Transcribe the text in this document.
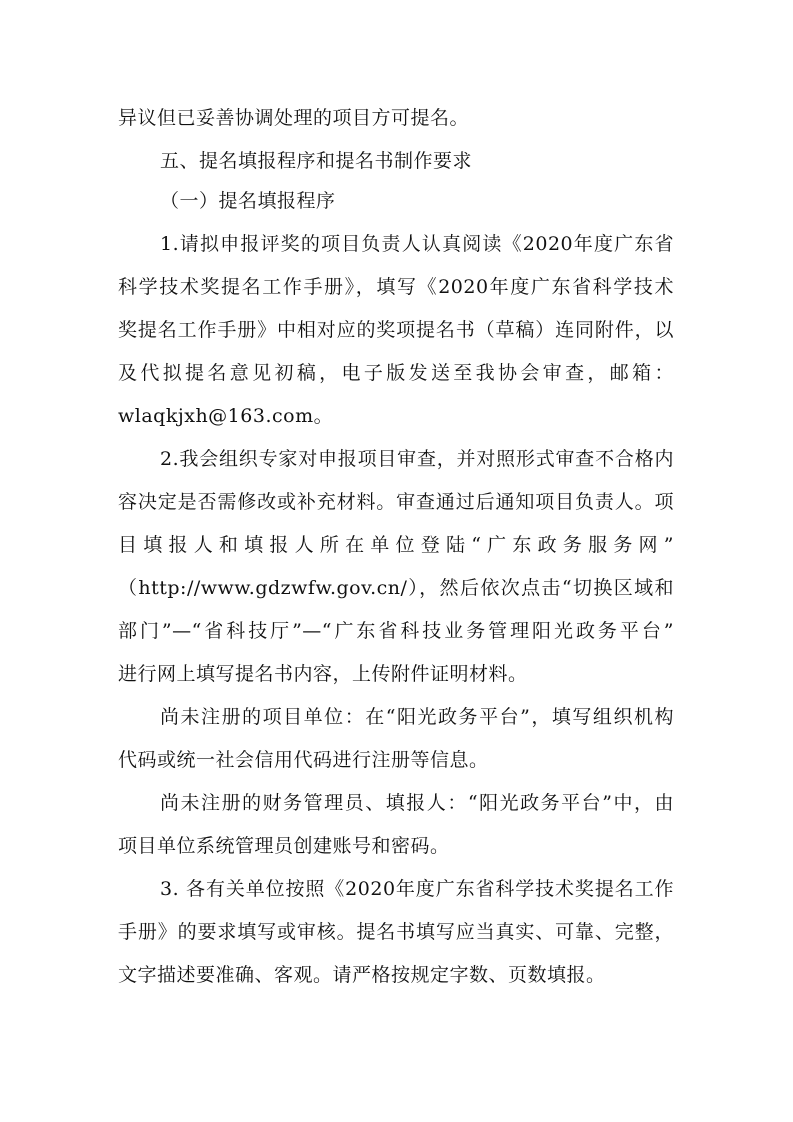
异议但已妥善协调处理的项目方可提名。
五、提名填报程序和提名书制作要求
（一）提名填报程序
1.请拟申报评奖的项目负责人认真阅读《2020年度广东省
科学技术奖提名工作手册》，填写《2020年度广东省科学技术
奖提名工作手册》中相对应的奖项提名书（草稿）连同附件，以
及代拟提名意见初稿，电子版发送至我协会审查，邮箱：
wlaqkjxh@163.com。
2.我会组织专家对申报项目审查，并对照形式审查不合格内
容决定是否需修改或补充材料。审查通过后通知项目负责人。项
目填报人和填报人所在单位登陆“广东政务服务网”
（http://www.gdzwfw.gov.cn/），然后依次点击“切换区域和
部门”—“省科技厅”—“广东省科技业务管理阳光政务平台”
进行网上填写提名书内容，上传附件证明材料。
尚未注册的项目单位：在“阳光政务平台”，填写组织机构
代码或统一社会信用代码进行注册等信息。
尚未注册的财务管理员、填报人：“阳光政务平台”中，由
项目单位系统管理员创建账号和密码。
3. 各有关单位按照《2020年度广东省科学技术奖提名工作
手册》的要求填写或审核。提名书填写应当真实、可靠、完整，
文字描述要准确、客观。请严格按规定字数、页数填报。
